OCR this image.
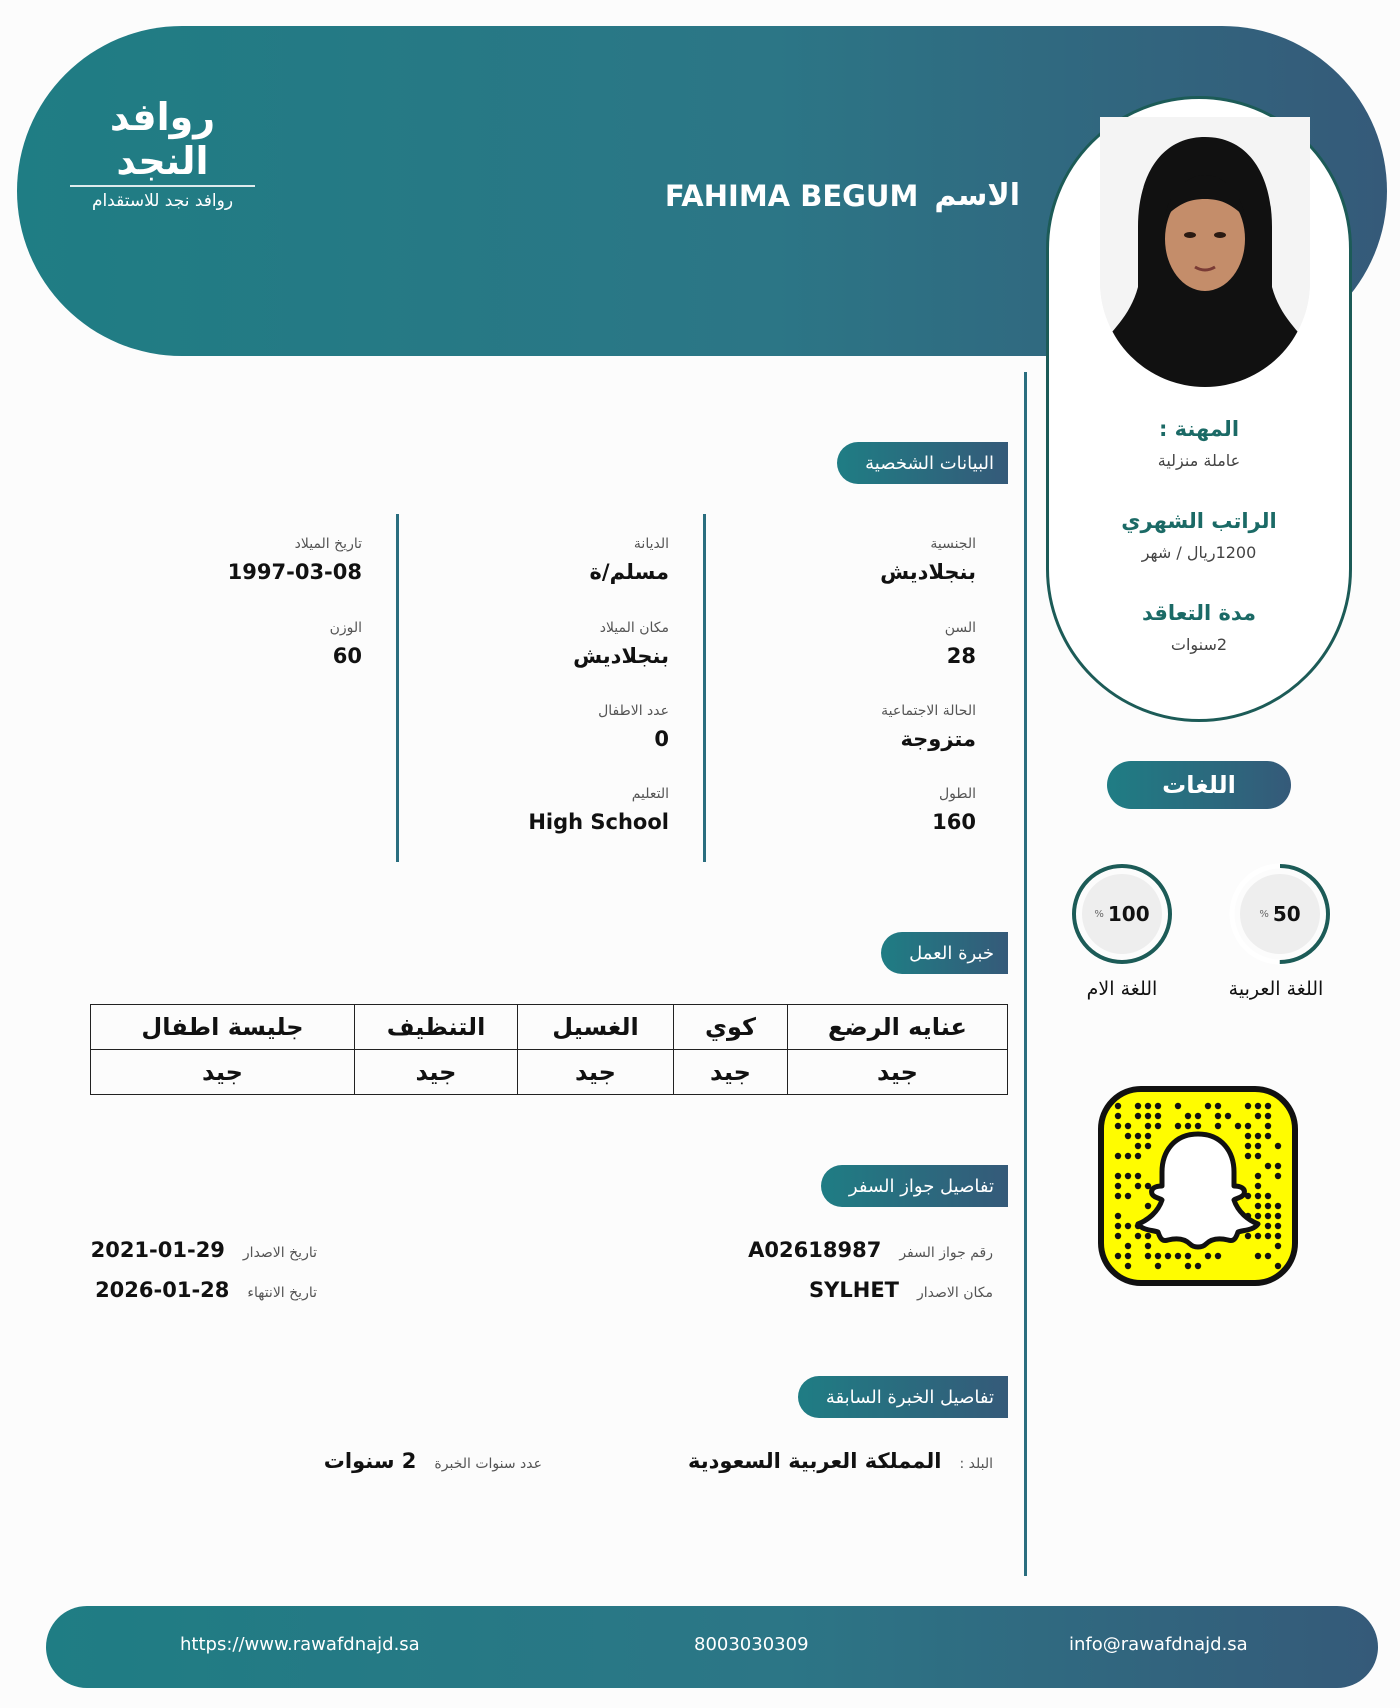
روافد النجد
روافد نجد للاستقدام	الاسم
FAHIMA BEGUM
المهنة :
عاملة منزلية
الراتب الشهري
1200ريال / شهر
مدة التعاقد
2سنوات
البيانات الشخصية
خبرة العمل
تفاصيل جواز السفر
تفاصيل الخبرة السابقة
الجنسية
بنجلاديش
السن
28
الحالة الاجتماعية
متزوجة
الطول
160
الديانة
مسلم/ة
مكان الميلاد
بنجلاديش
عدد الاطفال
0
التعليم
High School
تاريخ الميلاد
1997-03-08
الوزن
60
عنايه الرضع	كوي	الغسيل	التنظيف	جليسة اطفال
جيد	جيد	جيد	جيد	جيد
رقم جواز السفر
A02618987
مكان الاصدار
SYLHET
تاريخ الاصدار
2021-01-29
تاريخ الانتهاء
2026-01-28
البلد :
المملكة العربية السعودية
عدد سنوات الخبرة
2 سنوات
اللغات
% 50
اللغة العربية
% 100
اللغة الام
https://www.rawafdnajd.sa	8003030309	info@rawafdnajd.sa
